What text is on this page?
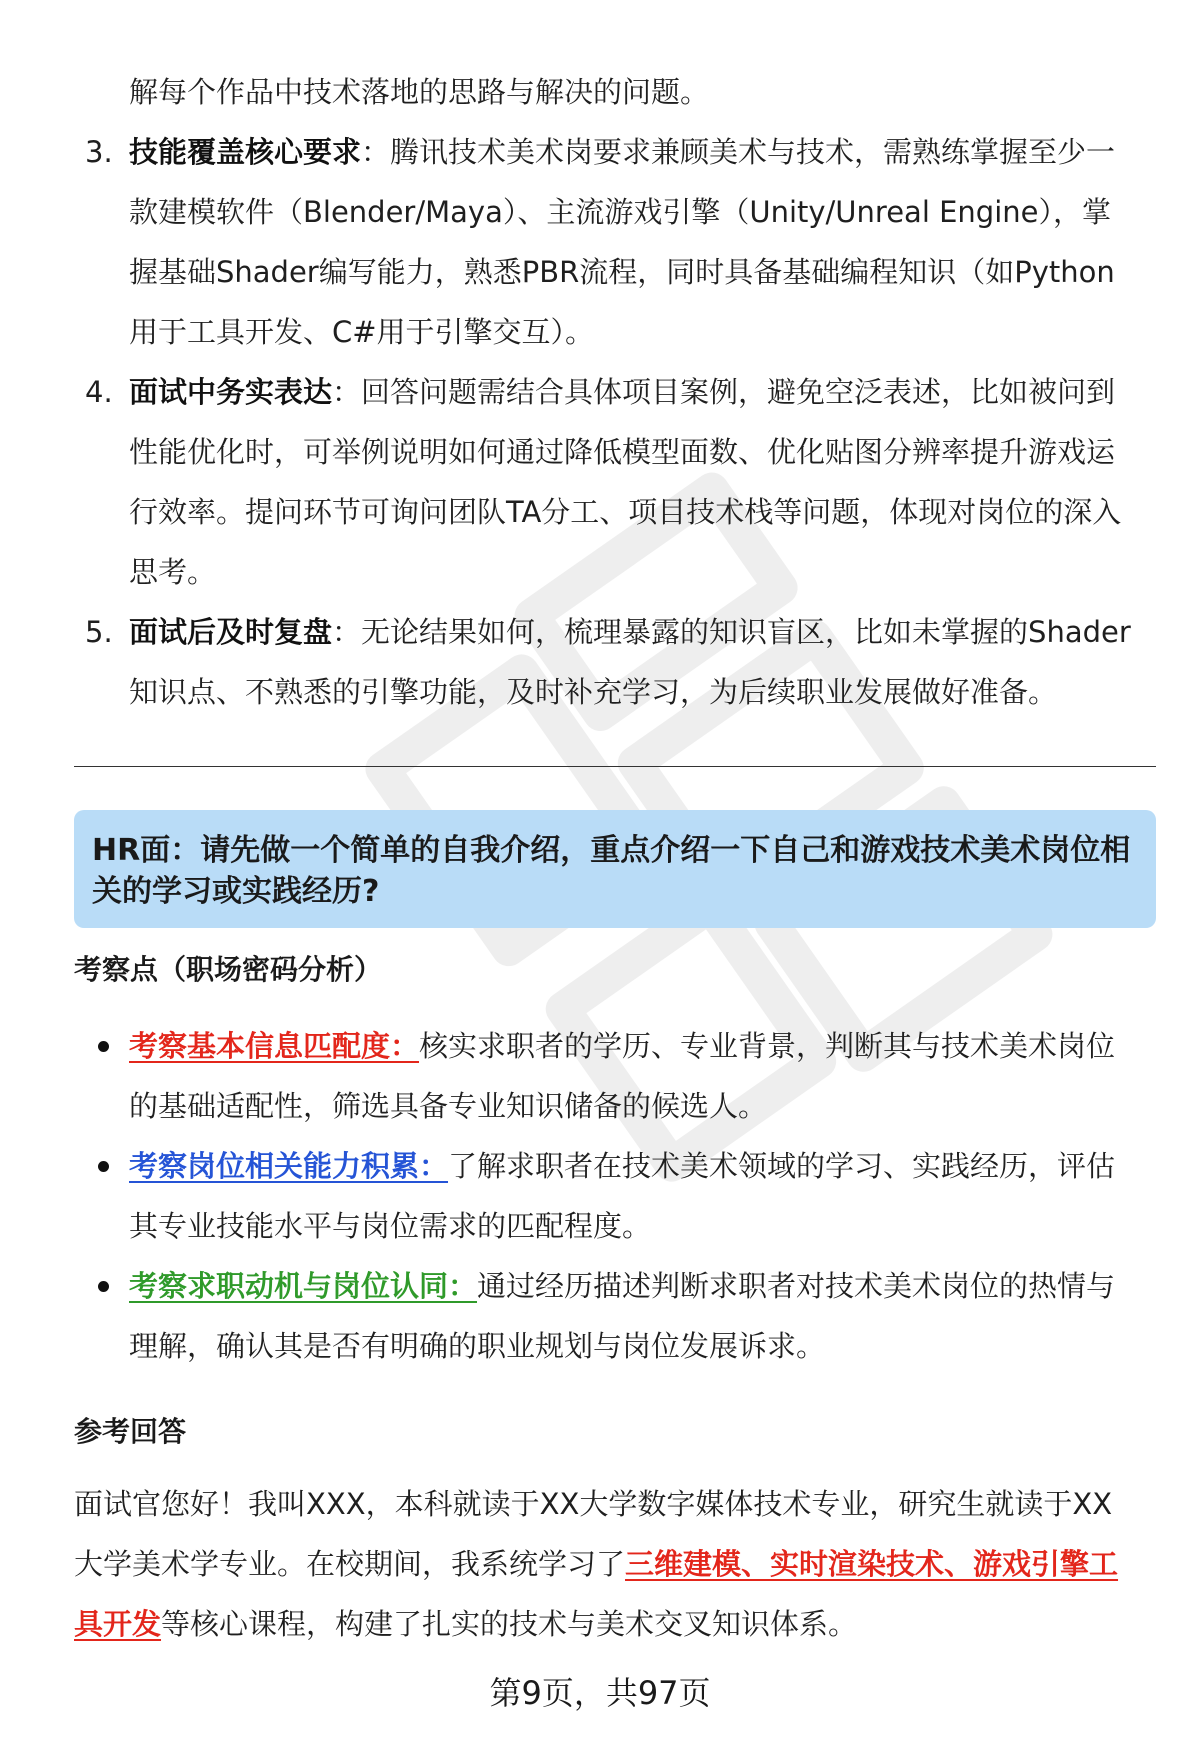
解每个作品中技术落地的思路与解决的问题。
3. 技能覆盖核心要求：腾讯技术美术岗要求兼顾美术与技术，需熟练掌握至少一
款建模软件（Blender/Maya）、主流游戏引擎（Unity/Unreal Engine），掌
握基础Shader编写能力，熟悉PBR流程，同时具备基础编程知识（如Python
用于工具开发、C#用于引擎交互）。
4. 面试中务实表达：回答问题需结合具体项目案例，避免空泛表述，比如被问到
性能优化时，可举例说明如何通过降低模型面数、优化贴图分辨率提升游戏运
行效率。提问环节可询问团队TA分工、项目技术栈等问题，体现对岗位的深入
思考。
5. 面试后及时复盘：无论结果如何，梳理暴露的知识盲区，比如未掌握的Shader
知识点、不熟悉的引擎功能，及时补充学习，为后续职业发展做好准备。
HR面：请先做一个简单的自我介绍，重点介绍一下自己和游戏技术美术岗位相
关的学习或实践经历?
考察点（职场密码分析）
考察基本信息匹配度：核实求职者的学历、专业背景，判断其与技术美术岗位
的基础适配性，筛选具备专业知识储备的候选人。
考察岗位相关能力积累：了解求职者在技术美术领域的学习、实践经历，评估
其专业技能水平与岗位需求的匹配程度。
考察求职动机与岗位认同：通过经历描述判断求职者对技术美术岗位的热情与
理解，确认其是否有明确的职业规划与岗位发展诉求。
参考回答
面试官您好！我叫XXX，本科就读于XX大学数字媒体技术专业，研究生就读于XX
大学美术学专业。在校期间，我系统学习了三维建模、实时渲染技术、游戏引擎工
具开发等核心课程，构建了扎实的技术与美术交叉知识体系。
第9页，共97页
